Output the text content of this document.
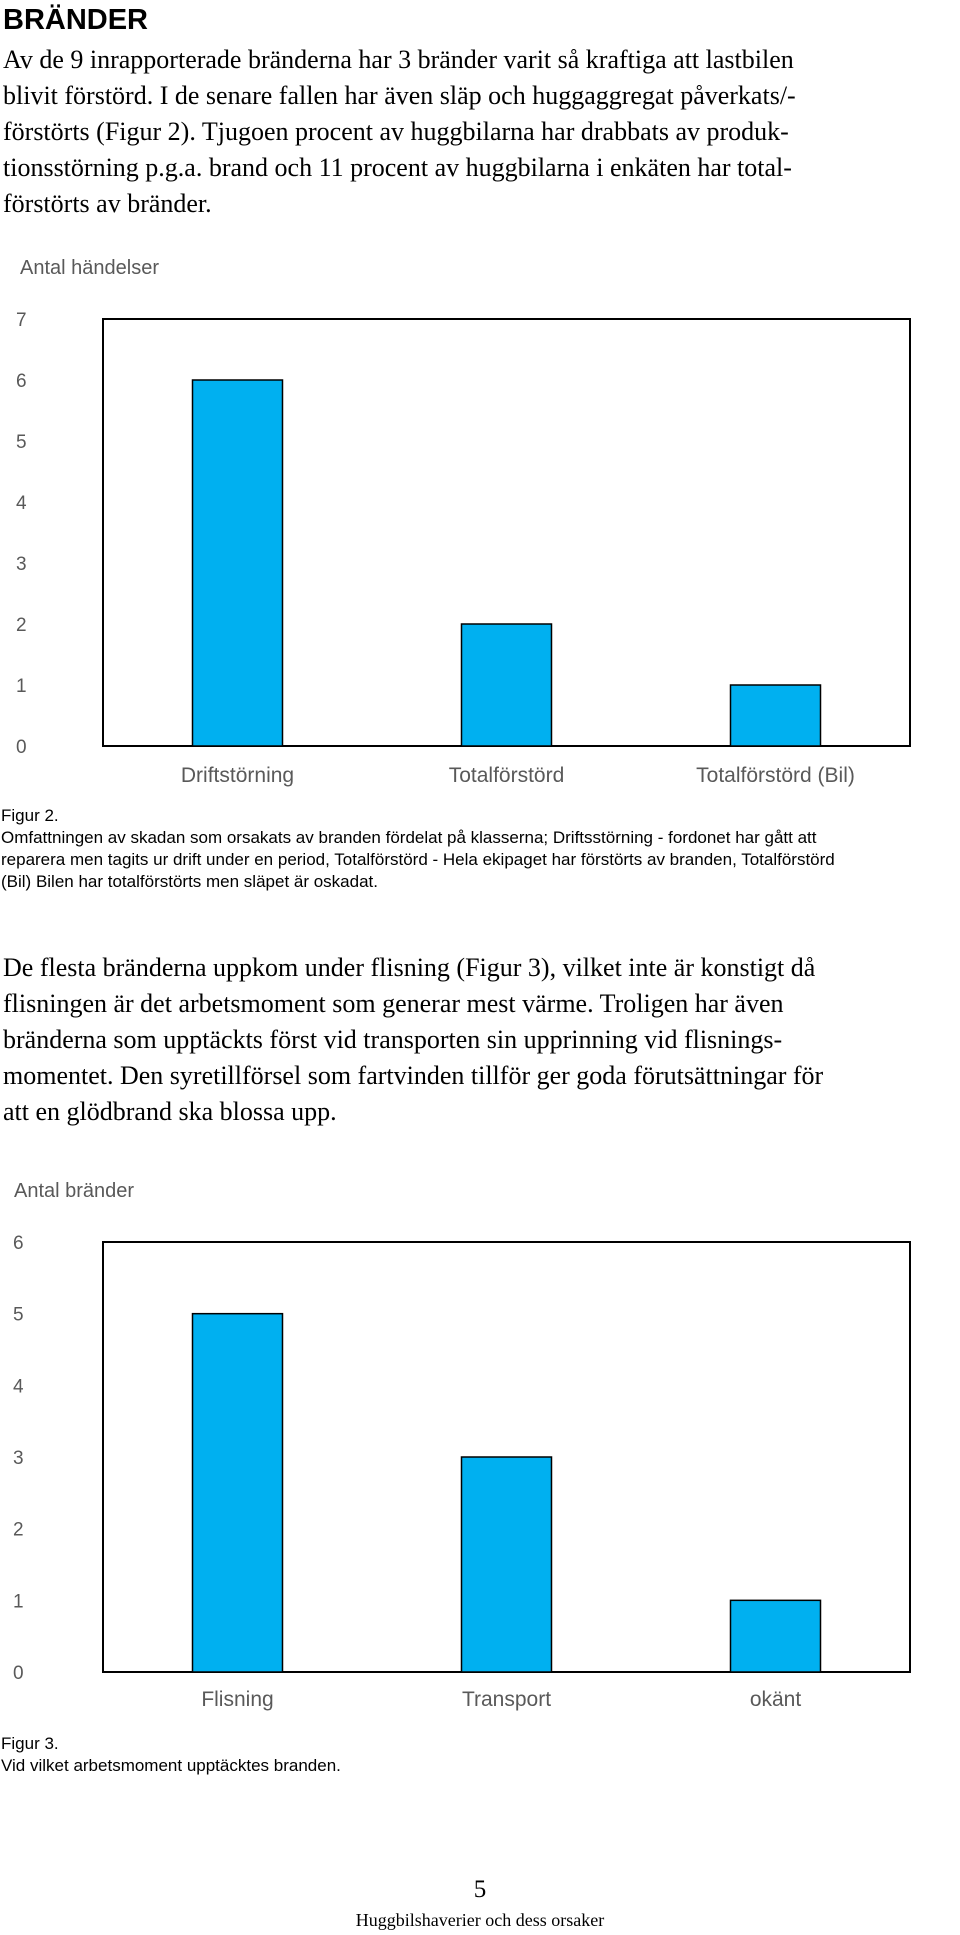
BRÄNDER
Av de 9 inrapporterade bränderna har 3 bränder varit så kraftiga att lastbilen
blivit förstörd. I de senare fallen har även släp och huggaggregat påverkats/-
förstörts (Figur 2). Tjugoen procent av huggbilarna har drabbats av produk-
tionsstörning p.g.a. brand och 11 procent av huggbilarna i enkäten har total-
förstörts av bränder.
Antal händelser
0
1
2
3
4
5
6
7
Driftstörning	Totalförstörd	Totalförstörd (Bil)
Figur 2.
Omfattningen av skadan som orsakats av branden fördelat på klasserna; Driftsstörning - fordonet har gått att
reparera men tagits ur drift under en period, Totalförstörd - Hela ekipaget har förstörts av branden, Totalförstörd
(Bil) Bilen har totalförstörts men släpet är oskadat.
De flesta bränderna uppkom under flisning (Figur 3), vilket inte är konstigt då
flisningen är det arbetsmoment som generar mest värme. Troligen har även
bränderna som upptäckts först vid transporten sin upprinning vid flisnings-
momentet. Den syretillförsel som fartvinden tillför ger goda förutsättningar för
att en glödbrand ska blossa upp.
Antal bränder
0
1
2
3
4
5
6
Flisning	Transport	okänt
Figur 3.
Vid vilket arbetsmoment upptäcktes branden.
5
Huggbilshaverier och dess orsaker
